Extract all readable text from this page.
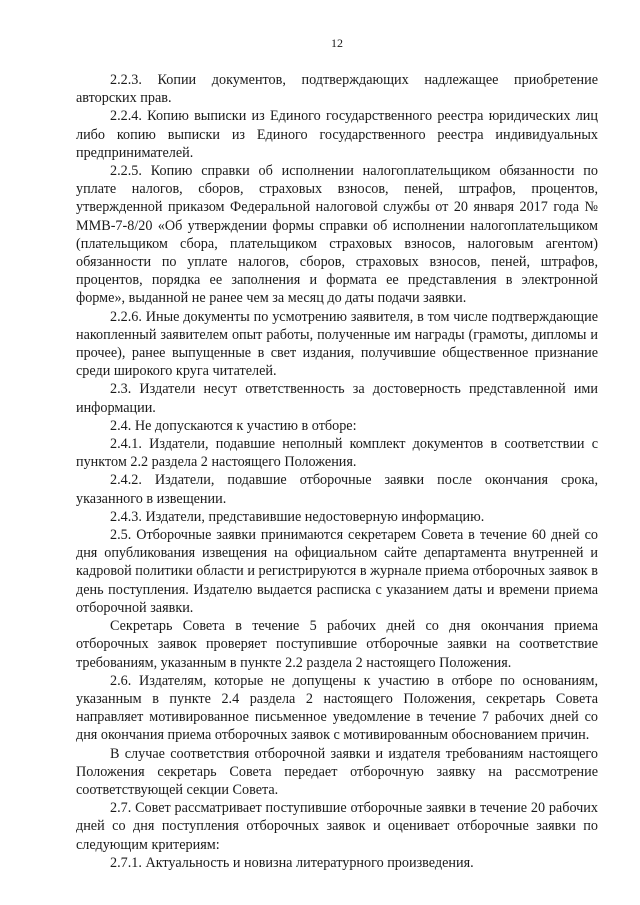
12

2.2.3. Копии документов, подтверждающих надлежащее приобретение авторских прав.

2.2.4. Копию выписки из Единого государственного реестра юридических лиц либо копию выписки из Единого государственного реестра индивидуальных предпринимателей.

2.2.5. Копию справки об исполнении налогоплательщиком обязанности по уплате налогов, сборов, страховых взносов, пеней, штрафов, процентов, утвержденной приказом Федеральной налоговой службы от 20 января 2017 года № ММВ-7-8/20 «Об утверждении формы справки об исполнении налогоплательщиком (плательщиком сбора, плательщиком страховых взносов, налоговым агентом) обязанности по уплате налогов, сборов, страховых взносов, пеней, штрафов, процентов, порядка ее заполнения и формата ее представления в электронной форме», выданной не ранее чем за месяц до даты подачи заявки.

2.2.6. Иные документы по усмотрению заявителя, в том числе подтверждающие накопленный заявителем опыт работы, полученные им награды (грамоты, дипломы и прочее), ранее выпущенные в свет издания, получившие общественное признание среди широкого круга читателей.

2.3. Издатели несут ответственность за достоверность представленной ими информации.

2.4. Не допускаются к участию в отборе:

2.4.1. Издатели, подавшие неполный комплект документов в соответствии с пунктом 2.2 раздела 2 настоящего Положения.

2.4.2. Издатели, подавшие отборочные заявки после окончания срока, указанного в извещении.

2.4.3. Издатели, представившие недостоверную информацию.

2.5. Отборочные заявки принимаются секретарем Совета в течение 60 дней со дня опубликования извещения на официальном сайте департамента внутренней и кадровой политики области и регистрируются в журнале приема отборочных заявок в день поступления. Издателю выдается расписка с указанием даты и времени приема отборочной заявки.

Секретарь Совета в течение 5 рабочих дней со дня окончания приема отборочных заявок проверяет поступившие отборочные заявки на соответствие требованиям, указанным в пункте 2.2 раздела 2 настоящего Положения.

2.6. Издателям, которые не допущены к участию в отборе по основаниям, указанным в пункте 2.4 раздела 2 настоящего Положения, секретарь Совета направляет мотивированное письменное уведомление в течение 7 рабочих дней со дня окончания приема отборочных заявок с мотивированным обоснованием причин.

В случае соответствия отборочной заявки и издателя требованиям настоящего Положения секретарь Совета передает отборочную заявку на рассмотрение соответствующей секции Совета.

2.7. Совет рассматривает поступившие отборочные заявки в течение 20 рабочих дней со дня поступления отборочных заявок и оценивает отборочные заявки по следующим критериям:

2.7.1. Актуальность и новизна литературного произведения.
